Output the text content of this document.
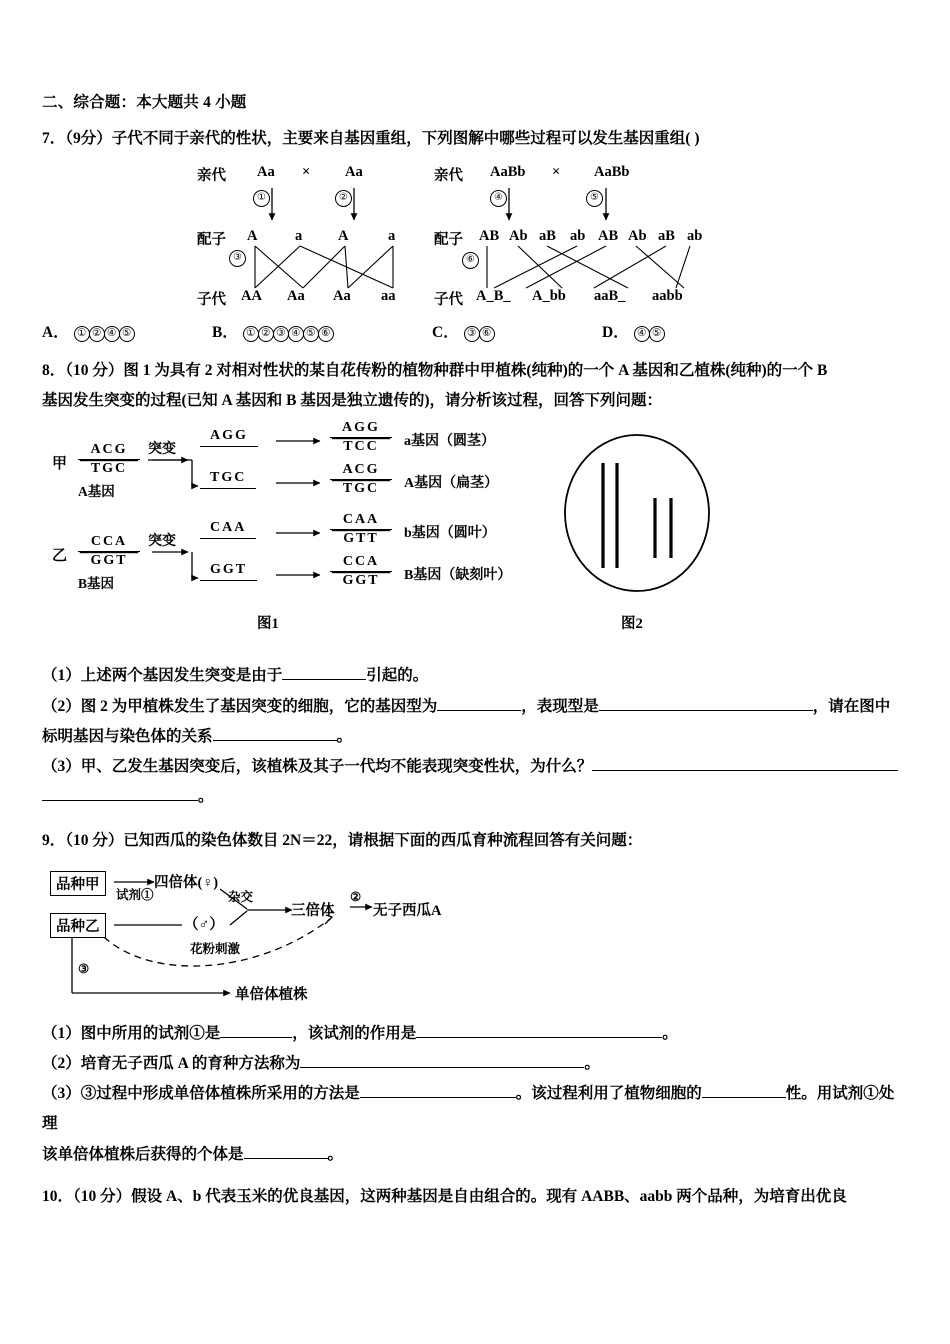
二、综合题：本大题共 4 小题
7．（9分）子代不同于亲代的性状，主要来自基因重组，下列图解中哪些过程可以发生基因重组( )
亲代
配子
子代
Aa × Aa
①	②
③
A	a A	a
AA Aa Aa aa
亲代
配子
子代
AaBb × AaBb
④	⑤
⑥
AB Ab aB ab AB Ab aB ab
A_B_ A_bb aaB_ aabb
A． ① ② ④ ⑤	B． ① ② ③ ④ ⑤ ⑥	C． ③ ⑥	D． ④ ⑤
8．（10 分）图 1 为具有 2 对相对性状的某自花传粉的植物种群中甲植株(纯种)的一个 A 基因和乙植株(纯种)的一个 B
基因发生突变的过程(已知 A 基因和 B 基因是独立遗传的)，请分析该过程，回答下列问题：
甲
ACG
TGC
A基因
突变
AGG
TGC
AGG
TCC
ACG
TGC
a基因（圆茎）
A基因（扁茎）
乙
CCA
GGT
B基因
突变
CAA
GGT
CAA
GTT
CCA
GGT
b基因（圆叶）
B基因（缺刻叶）
图1	图2
（1）上述两个基因发生突变是由于	引起的。
（2）图 2 为甲植株发生了基因突变的细胞，它的基因型为	，表现型是	，请在图中
标明基因与染色体的关系	。
（3）甲、乙发生基因突变后，该植株及其子一代均不能表现突变性状，为什么？
。
9．（10 分）已知西瓜的染色体数目 2N＝22，请根据下面的西瓜育种流程回答有关问题：
品种甲
品种乙
试剂①
四倍体(♀)
（♂）
杂交
三倍体
②
无子西瓜A
花粉刺激
③
单倍体植株
（1）图中所用的试剂①是	，该试剂的作用是	。
（2）培育无子西瓜 A 的育种方法称为	。
（3）③过程中形成单倍体植株所采用的方法是	。该过程利用了植物细胞的	性。用试剂①处理
该单倍体植株后获得的个体是	。
10．（10 分）假设 A、b 代表玉米的优良基因，这两种基因是自由组合的。现有 AABB、aabb 两个品种，为培育出优良
